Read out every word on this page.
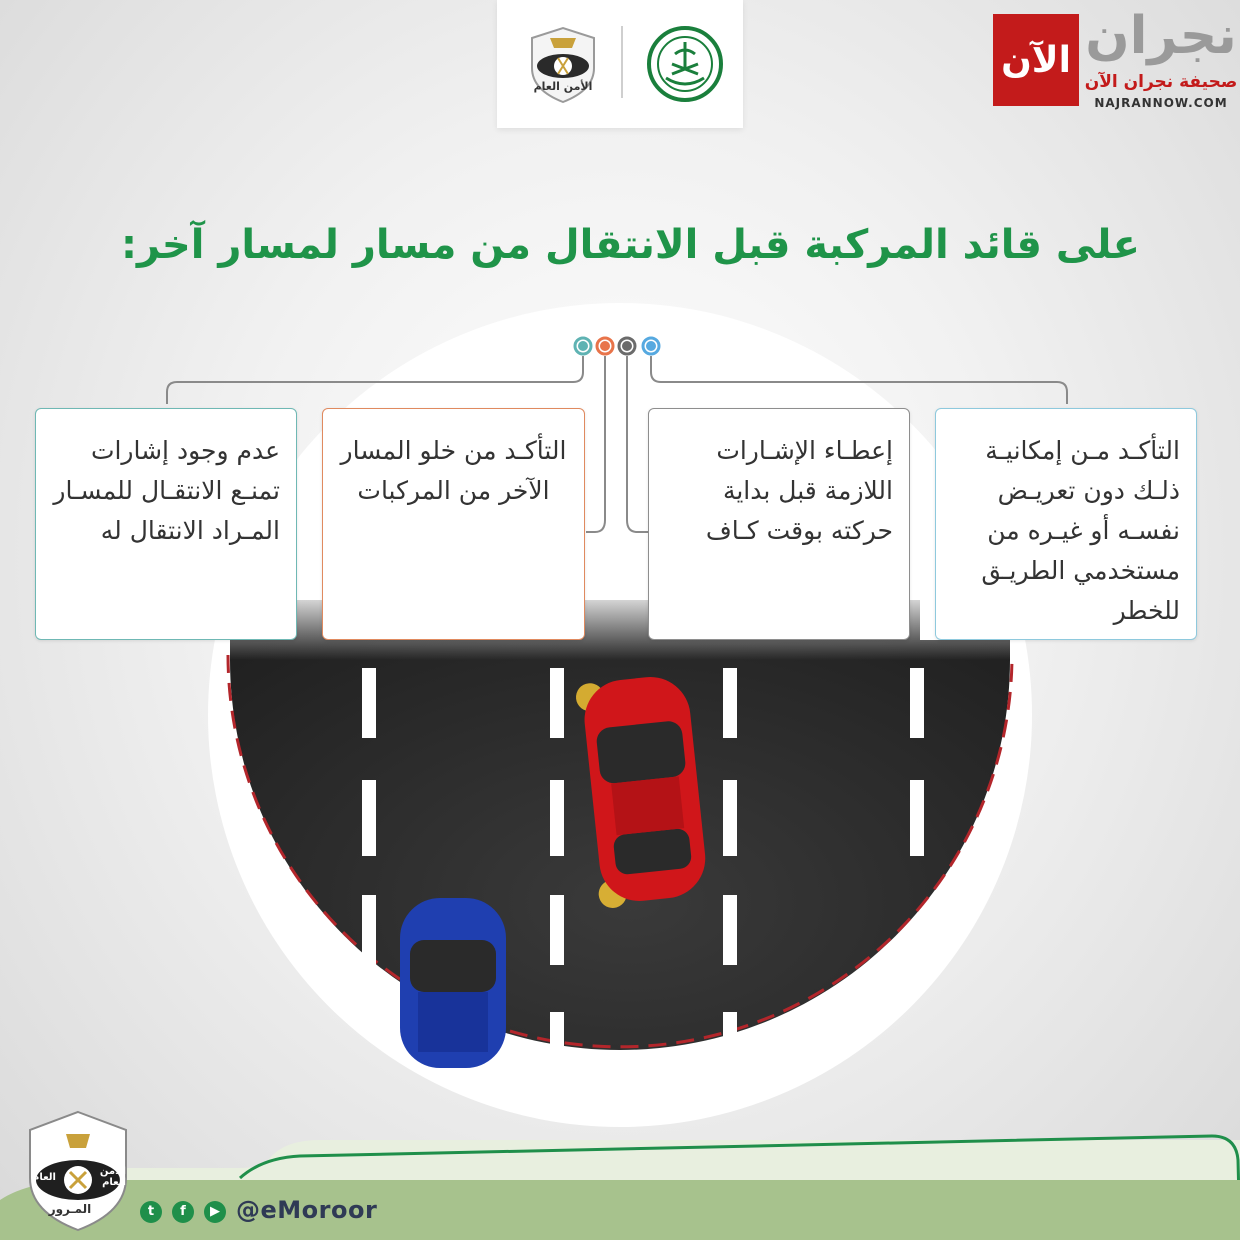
الأمن العام
الآن نجران
صحيفة نجران الآن
NAJRANNOW.COM
على قائد المركبة قبل الانتقال من مسار لمسار آخر:
التأكـد مـن إمكانيـة ذلـك دون تعريـض نفسـه أو غيـره من مستخدمي الطريـق للخطر
إعطـاء الإشـارات اللازمة قبل بداية حركته بوقت كـاف
التأكـد من خلو المسار الآخر من المركبات
عدم وجود إشارات تمنـع الانتقـال للمسـار المـراد الانتقال له
العام
الأمن العام
المـرور	t	f	▶ @eMoroor
